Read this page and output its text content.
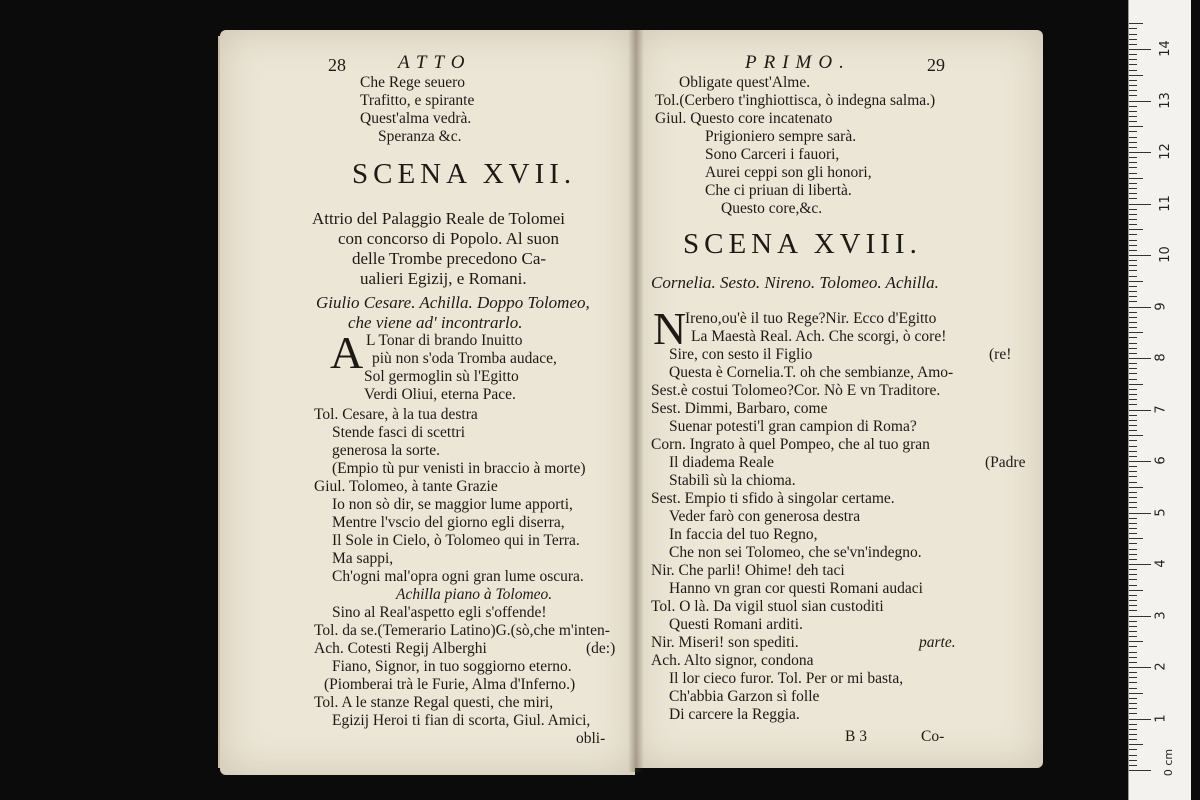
28	ATTO
Che Rege seuero
Trafitto, e spirante
Quest'alma vedrà.
Speranza &c.
SCENA XVII.
Attrio del Palaggio Reale de Tolomei
con concorso di Popolo. Al suon
delle Trombe precedono Ca-
ualieri Egizij, e Romani.
Giulio Cesare. Achilla. Doppo Tolomeo,
che viene ad' incontrarlo.
A L Tonar di brando Inuitto
più non s'oda Tromba audace,
Sol germoglin sù l'Egitto
Verdi Oliui, eterna Pace.
Tol. Cesare, à la tua destra
Stende fasci di scettri
generosa la sorte.
(Empio tù pur venisti in braccio à morte)
Giul. Tolomeo, à tante Grazie
Io non sò dir, se maggior lume apporti,
Mentre l'vscio del giorno egli diserra,
Il Sole in Cielo, ò Tolomeo qui in Terra.
Ma sappi,
Ch'ogni mal'opra ogni gran lume oscura.
Achilla piano à Tolomeo.
Sino al Real'aspetto egli s'offende!
Tol. da se.(Temerario Latino)G.(sò,che m'inten-
Ach. Cotesti Regij Alberghi	(de:)
Fiano, Signor, in tuo soggiorno eterno.
(Piomberai trà le Furie, Alma d'Inferno.)
Tol. A le stanze Regal questi, che miri,
Egizij Heroi ti fian di scorta, Giul. Amici,
obli-
PRIMO.	29
Obligate quest'Alme.
Tol.(Cerbero t'inghiottisca, ò indegna salma.)
Giul. Questo core incatenato
Prigioniero sempre sarà.
Sono Carceri i fauori,
Aurei ceppi son gli honori,
Che ci priuan di libertà.
Questo core,&c.
SCENA XVIII.
Cornelia. Sesto. Nireno. Tolomeo. Achilla.
N
Ireno,ou'è il tuo Rege?Nir. Ecco d'Egitto
La Maestà Real. Ach. Che scorgi, ò core!
Sire, con sesto il Figlio	(re!
Questa è Cornelia.T. oh che sembianze, Amo-
Sest.è costui Tolomeo?Cor. Nò E vn Traditore.
Sest. Dimmi, Barbaro, come
Suenar potesti'l gran campion di Roma?
Corn. Ingrato à quel Pompeo, che al tuo gran
Il diadema Reale	(Padre
Stabilì sù la chioma.
Sest. Empio ti sfido à singolar certame.
Veder farò con generosa destra
In faccia del tuo Regno,
Che non sei Tolomeo, che se'vn'indegno.
Nir. Che parli! Ohime! deh taci
Hanno vn gran cor questi Romani audaci
Tol. O là. Da vigil stuol sian custoditi
Questi Romani arditi.
Nir. Miseri! son spediti.	parte.
Ach. Alto signor, condona
Il lor cieco furor. Tol. Per or mi basta,
Ch'abbia Garzon sì folle
Di carcere la Reggia.
B 3	Co-
0 cm
1
2
3
4
5
6
7
8
9
10
11
12
13
14
